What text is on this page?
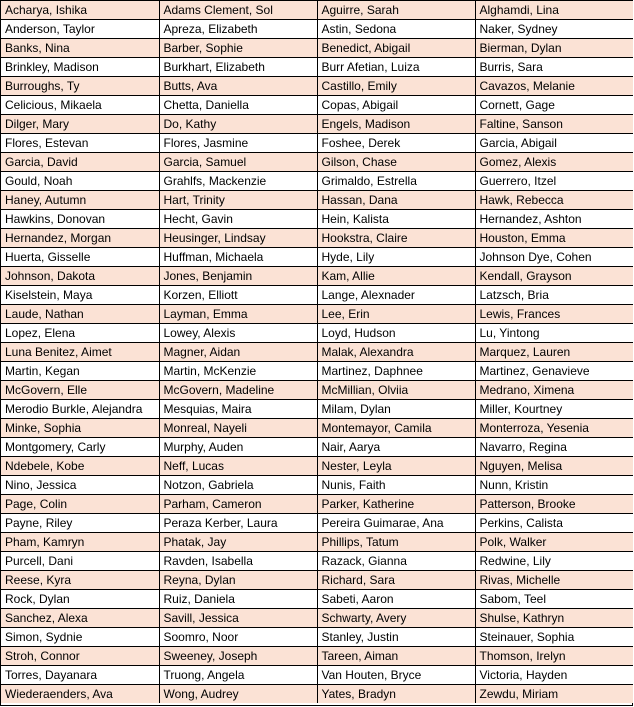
Acharya, Ishika	Adams Clement, Sol	Aguirre, Sarah	Alghamdi, Lina
Anderson, Taylor	Apreza, Elizabeth	Astin, Sedona	Naker, Sydney
Banks, Nina	Barber, Sophie	Benedict, Abigail	Bierman, Dylan
Brinkley, Madison	Burkhart, Elizabeth	Burr Afetian, Luiza	Burris, Sara
Burroughs, Ty	Butts, Ava	Castillo, Emily	Cavazos, Melanie
Celicious, Mikaela	Chetta, Daniella	Copas, Abigail	Cornett, Gage
Dilger, Mary	Do, Kathy	Engels, Madison	Faltine, Sanson
Flores, Estevan	Flores, Jasmine	Foshee, Derek	Garcia, Abigail
Garcia, David	Garcia, Samuel	Gilson, Chase	Gomez, Alexis
Gould, Noah	Grahlfs, Mackenzie	Grimaldo, Estrella	Guerrero, Itzel
Haney, Autumn	Hart, Trinity	Hassan, Dana	Hawk, Rebecca
Hawkins, Donovan	Hecht, Gavin	Hein, Kalista	Hernandez, Ashton
Hernandez, Morgan	Heusinger, Lindsay	Hookstra, Claire	Houston, Emma
Huerta, Gisselle	Huffman, Michaela	Hyde, Lily	Johnson Dye, Cohen
Johnson, Dakota	Jones, Benjamin	Kam, Allie	Kendall, Grayson
Kiselstein, Maya	Korzen, Elliott	Lange, Alexnader	Latzsch, Bria
Laude, Nathan	Layman, Emma	Lee, Erin	Lewis, Frances
Lopez, Elena	Lowey, Alexis	Loyd, Hudson	Lu, Yintong
Luna Benitez, Aimet	Magner, Aidan	Malak, Alexandra	Marquez, Lauren
Martin, Kegan	Martin, McKenzie	Martinez, Daphnee	Martinez, Genaviеve
McGovern, Elle	McGovern, Madeline	McMillian, Olviia	Medrano, Ximena
Merodio Burkle, Alejandra	Mesquias, Maira	Milam, Dylan	Miller, Kourtney
Minke, Sophia	Monreal, Nayeli	Montemayor, Camila	Monterroza, Yesenia
Montgomery, Carly	Murphy, Auden	Nair, Aarya	Navarro, Regina
Ndebele, Kobe	Neff, Lucas	Nester, Leyla	Nguyen, Melisa
Nino, Jessica	Notzon, Gabriela	Nunis, Faith	Nunn, Kristin
Page, Colin	Parham, Cameron	Parker, Katherine	Patterson, Brooke
Payne, Riley	Peraza Kerber, Laura	Pereira Guimarae, Ana	Perkins, Calista
Pham, Kamryn	Phatak, Jay	Phillips, Tatum	Polk, Walker
Purcell, Dani	Ravden, Isabella	Razack, Gianna	Redwine, Lily
Reese, Kyra	Reyna, Dylan	Richard, Sara	Rivas, Michelle
Rock, Dylan	Ruiz, Daniela	Sabeti, Aaron	Sabom, Teel
Sanchez, Alexa	Savill, Jessica	Schwarty, Avery	Shulse, Kathryn
Simon, Sydnie	Soomro, Noor	Stanley, Justin	Steinauer, Sophia
Stroh, Connor	Sweeney, Joseph	Tareen, Aiman	Thomson, Irelyn
Torres, Dayanara	Truong, Angela	Van Houten, Bryce	Victoria, Hayden
Wiederaenders, Ava	Wong, Audrey	Yates, Bradyn	Zewdu, Miriam
